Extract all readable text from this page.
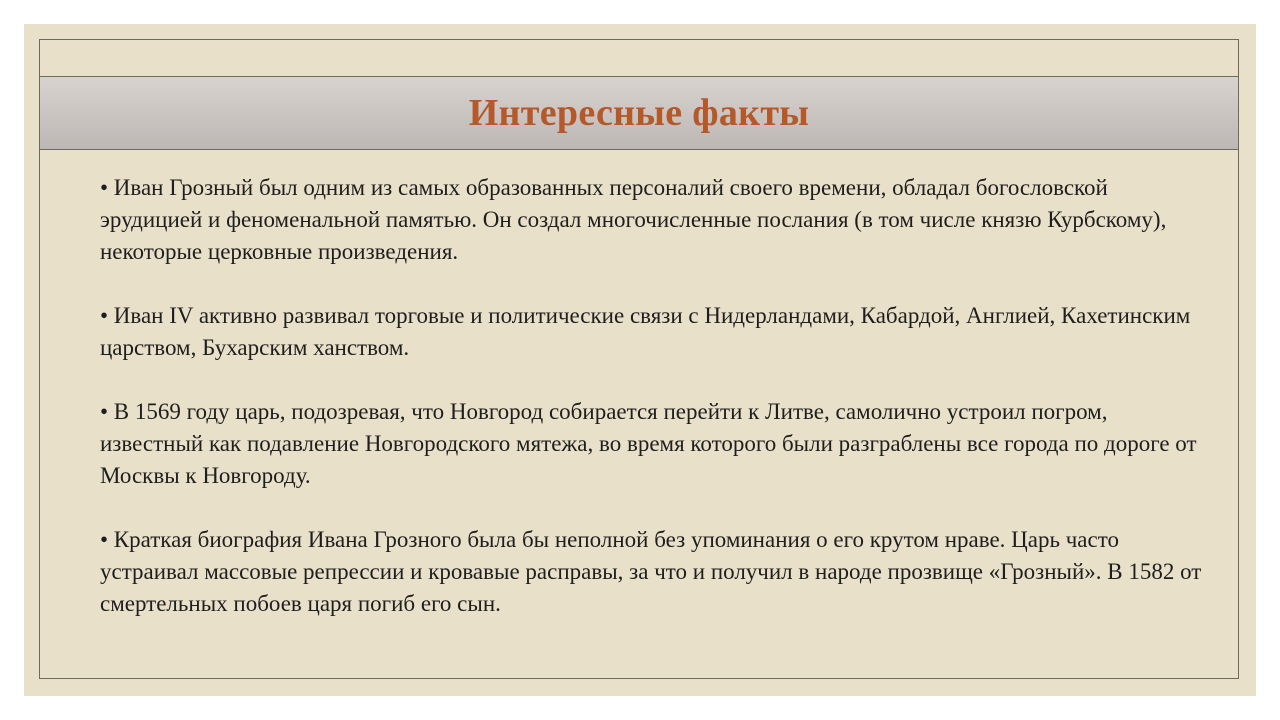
Интересные факты

• Иван Грозный был одним из самых образованных персоналий своего времени, обладал богословской эрудицией и феноменальной памятью. Он создал многочисленные послания (в том числе князю Курбскому), некоторые церковные произведения.

• Иван IV активно развивал торговые и политические связи с Нидерландами, Кабардой, Англией, Кахетинским царством, Бухарским ханством.

• В 1569 году царь, подозревая, что Новгород собирается перейти к Литве, самолично устроил погром, известный как подавление Новгородского мятежа, во время которого были разграблены все города по дороге от Москвы к Новгороду.

• Краткая биография Ивана Грозного была бы неполной без упоминания о его крутом нраве. Царь часто устраивал массовые репрессии и кровавые расправы, за что и получил в народе прозвище «Грозный». В 1582 от смертельных побоев царя погиб его сын.
